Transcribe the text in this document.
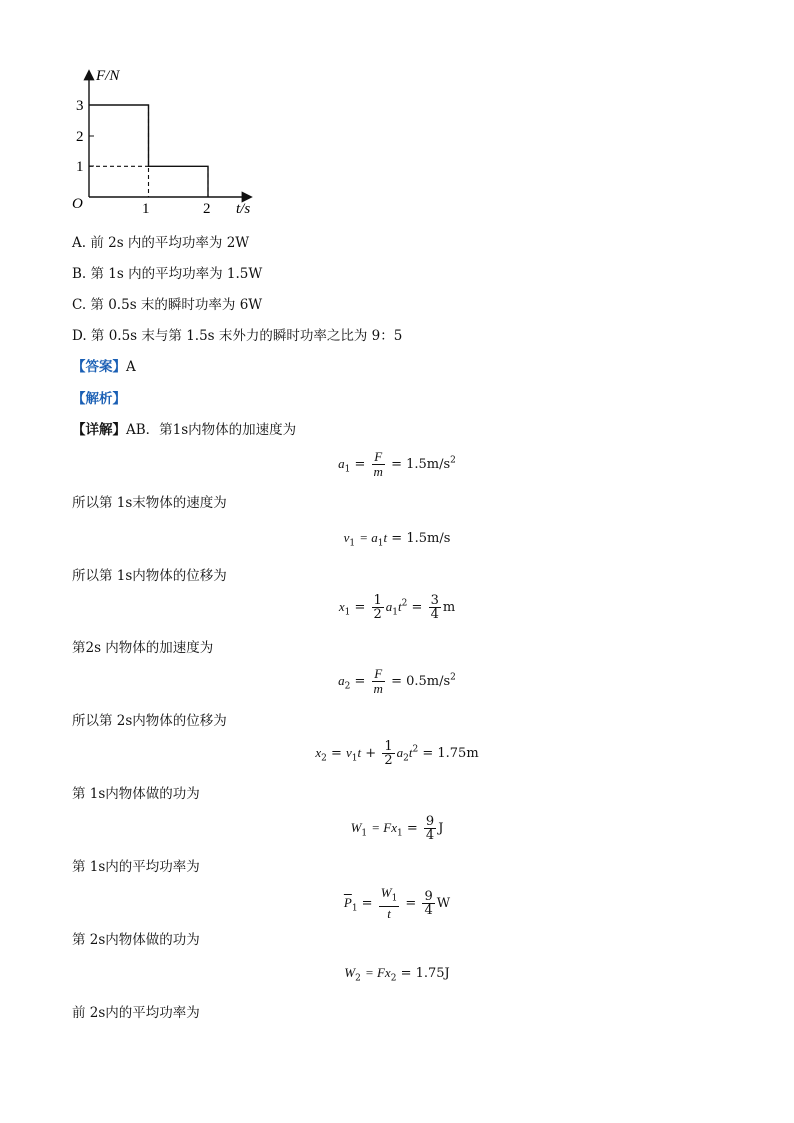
F/N
t/s
O
3
2
1
1	2
A. 前 2s 内的平均功率为 2W
B. 第 1s 内的平均功率为 1.5W
C. 第 0.5s 末的瞬时功率为 6W
D. 第 0.5s 末与第 1.5s 末外力的瞬时功率之比为 9：5
【答案】A
【解析】
【详解】AB．第1s内物体的加速度为
$a_1 = \frac{F}{m} = 1.5m/s^2$
所以第 1s末物体的速度为
$v_1 = a_1t = 1.5m/s$
所以第 1s内物体的位移为
$x_1 = \frac{1}{2} a_1t^2 = \frac{3}{4}$ m
第2s 内物体的加速度为
$a_2 = \frac{F}{m} = 0.5m/s^2$
所以第 2s内物体的位移为
$x_2 = v_1t + \frac{1}{2} a_2t^2 = 1.75m$
第 1s内物体做的功为
$W_1 = Fx_1 = \frac{9}{4}$ J
第 1s内的平均功率为
$\overline{P}_1 = \frac{W_1}{t} = \frac{9}{4}$ W
第 2s内物体做的功为
$W_2 = Fx_2 = 1.75J$
前 2s内的平均功率为
